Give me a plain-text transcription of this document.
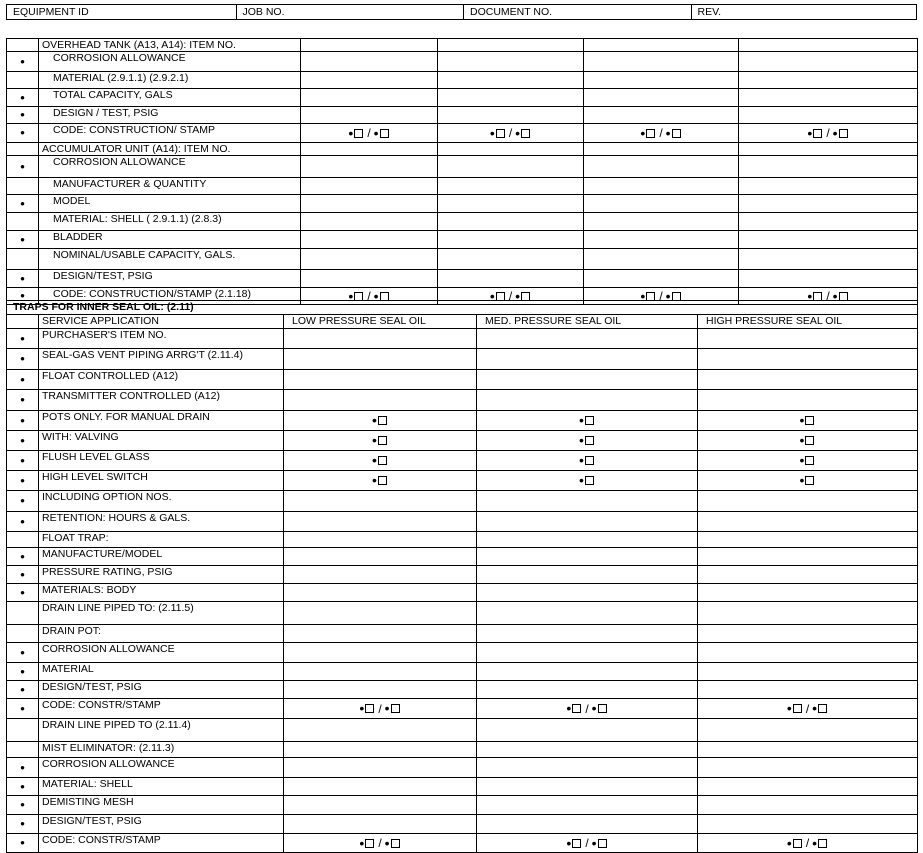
EQUIPMENT ID	JOB NO.	DOCUMENT NO.	REV.
	OVERHEAD TANK (A13, A14): ITEM NO.				
•	CORROSION ALLOWANCE				
	MATERIAL (2.9.1.1) (2.9.2.1)				
•	TOTAL CAPACITY, GALS				
•	DESIGN / TEST, PSIG				
•	CODE: CONSTRUCTION/ STAMP	• / •	• / •	• / •	• / •
	ACCUMULATOR UNIT (A14): ITEM NO.				
•	CORROSION ALLOWANCE				
	MANUFACTURER & QUANTITY				
•	MODEL				
	MATERIAL: SHELL ( 2.9.1.1) (2.8.3)				
•	BLADDER				
	NOMINAL/USABLE CAPACITY, GALS.				
•	DESIGN/TEST, PSIG				
•	CODE: CONSTRUCTION/STAMP (2.1.18)	• / •	• / •	• / •	• / •
TRAPS FOR INNER SEAL OIL: (2.11)				
	SERVICE APPLICATION	LOW PRESSURE SEAL OIL	MED. PRESSURE SEAL OIL	HIGH PRESSURE SEAL OIL
•	PURCHASER'S ITEM NO.			
•	SEAL-GAS VENT PIPING ARRG'T (2.11.4)			
•	FLOAT CONTROLLED (A12)			
•	TRANSMITTER CONTROLLED (A12)			
•	POTS ONLY. FOR MANUAL DRAIN	•	•	•
•	WITH: VALVING	•	•	•
•	FLUSH LEVEL GLASS	•	•	•
•	HIGH LEVEL SWITCH	•	•	•
•	INCLUDING OPTION NOS.			
•	RETENTION: HOURS & GALS.			
	FLOAT TRAP:			
•	MANUFACTURE/MODEL			
•	PRESSURE RATING, PSIG			
•	MATERIALS: BODY			
	DRAIN LINE PIPED TO: (2.11.5)			
	DRAIN POT:			
•	CORROSION ALLOWANCE			
•	MATERIAL			
•	DESIGN/TEST, PSIG			
•	CODE: CONSTR/STAMP	• / •	• / •	• / •
	DRAIN LINE PIPED TO (2.11.4)			
	MIST ELIMINATOR: (2.11.3)			
•	CORROSION ALLOWANCE			
•	MATERIAL: SHELL			
•	DEMISTING MESH			
•	DESIGN/TEST, PSIG			
•	CODE: CONSTR/STAMP	• / •	• / •	• / •
